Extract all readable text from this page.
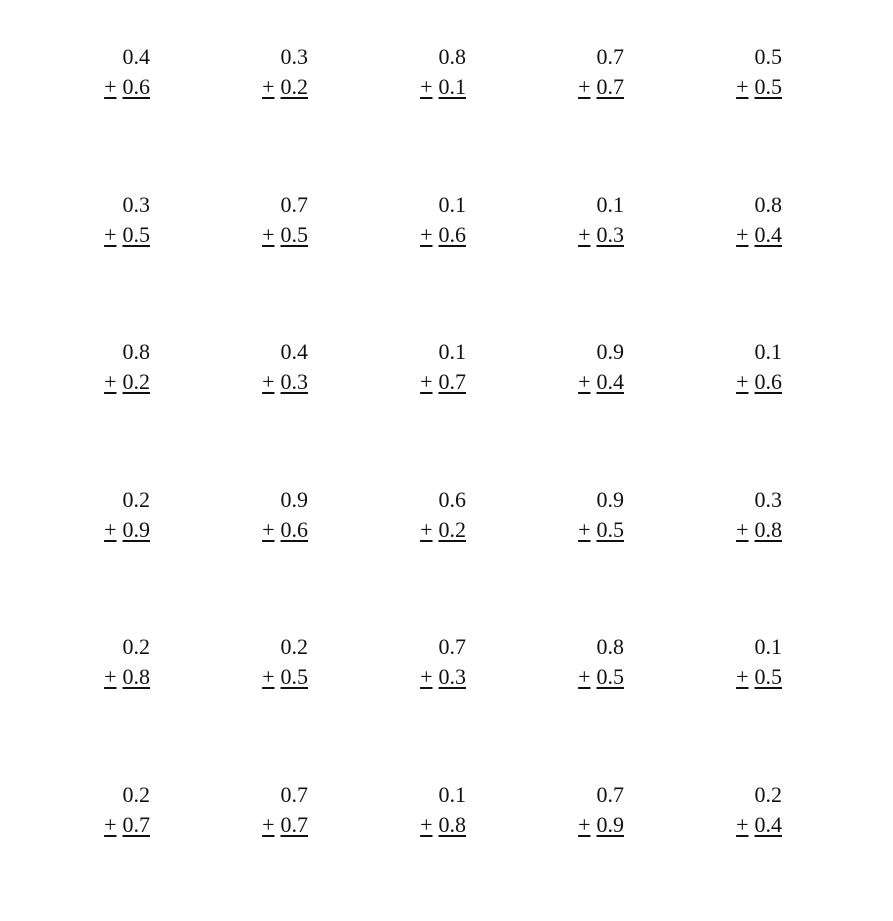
0.4
+ 0.6
0.3
+ 0.2
0.8
+ 0.1
0.7
+ 0.7
0.5
+ 0.5
0.3
+ 0.5
0.7
+ 0.5
0.1
+ 0.6
0.1
+ 0.3
0.8
+ 0.4
0.8
+ 0.2
0.4
+ 0.3
0.1
+ 0.7
0.9
+ 0.4
0.1
+ 0.6
0.2
+ 0.9
0.9
+ 0.6
0.6
+ 0.2
0.9
+ 0.5
0.3
+ 0.8
0.2
+ 0.8
0.2
+ 0.5
0.7
+ 0.3
0.8
+ 0.5
0.1
+ 0.5
0.2
+ 0.7
0.7
+ 0.7
0.1
+ 0.8
0.7
+ 0.9
0.2
+ 0.4
